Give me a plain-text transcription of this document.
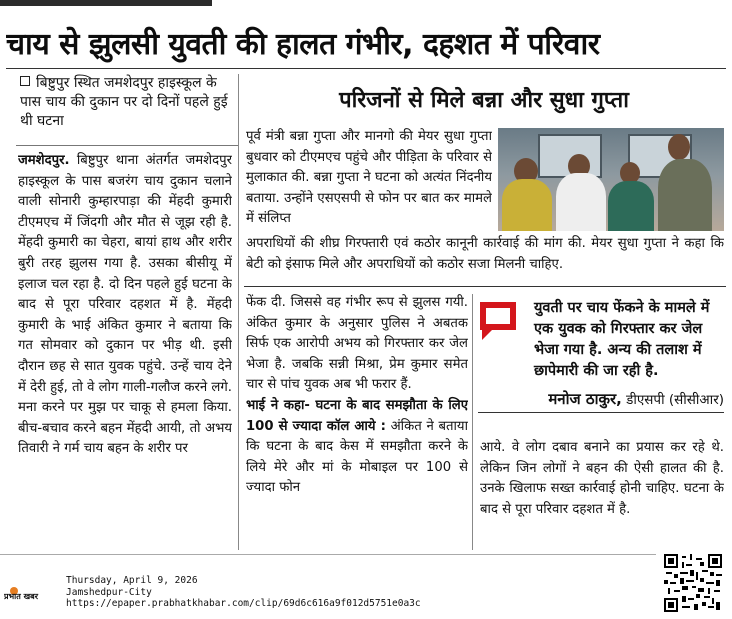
चाय से झुलसी युवती की हालत गंभीर, दहशत में परिवार
बिष्टुपुर स्थित जमशेदपुर हाइस्कूल के पास चाय की दुकान पर दो दिनों पहले हुई थी घटना
जमशेदपुर. बिष्टुपुर थाना अंतर्गत जमशेदपुर हाइस्कूल के पास बजरंग चाय दुकान चलाने वाली सोनारी कुम्हारपाड़ा की मेंहदी कुमारी टीएमएच में जिंदगी और मौत से जूझ रही है. मेंहदी कुमारी का चेहरा, बायां हाथ और शरीर बुरी तरह झुलस गया है. उसका बीसीयू में इलाज चल रहा है. दो दिन पहले हुई घटना के बाद से पूरा परिवार दहशत में है. मेंहदी कुमारी के भाई अंकित कुमार ने बताया कि गत सोमवार को दुकान पर भीड़ थी. इसी दौरान छह से सात युवक पहुंचे. उन्हें चाय देने में देरी हुई, तो वे लोग गाली-गलौज करने लगे. मना करने पर मुझ पर चाकू से हमला किया. बीच-बचाव करने बहन मेंहदी आयी, तो अभय तिवारी ने गर्म चाय बहन के शरीर पर
परिजनों से मिले बन्ना और सुधा गुप्ता
पूर्व मंत्री बन्ना गुप्ता और मानगो की मेयर सुधा गुप्ता बुधवार को टीएमएच पहुंचे और पीड़िता के परिवार से मुलाकात की. बन्ना गुप्ता ने घटना को अत्यंत निंदनीय बताया. उन्होंने एसएसपी से फोन पर बात कर मामले में संलिप्त
अपराधियों की शीघ्र गिरफ्तारी एवं कठोर कानूनी कार्रवाई की मांग की. मेयर सुधा गुप्ता ने कहा कि बेटी को इंसाफ मिले और अपराधियों को कठोर सजा मिलनी चाहिए.
फेंक दी. जिससे वह गंभीर रूप से झुलस गयी. अंकित कुमार के अनुसार पुलिस ने अबतक सिर्फ एक आरोपी अभय को गिरफ्तार कर जेल भेजा है. जबकि सन्नी मिश्रा, प्रेम कुमार समेत चार से पांच युवक अब भी फरार हैं.
भाई ने कहा- घटना के बाद समझौता के लिए 100 से ज्यादा कॉल आये : अंकित ने बताया कि घटना के बाद केस में समझौता करने के लिये मेरे और मां के मोबाइल पर 100 से ज्यादा फोन
युवती पर चाय फेंकने के मामले में एक युवक को गिरफ्तार कर जेल भेजा गया है. अन्य की तलाश में छापेमारी की जा रही है.
मनोज ठाकुर, डीएसपी (सीसीआर)
आये. वे लोग दबाव बनाने का प्रयास कर रहे थे. लेकिन जिन लोगों ने बहन की ऐसी हालत की है. उनके खिलाफ सख्त कार्रवाई होनी चाहिए. घटना के बाद से पूरा परिवार दहशत में है.
प्रभात खबर
Thursday, April 9, 2026
Jamshedpur-City
https://epaper.prabhatkhabar.com/clip/69d6c616a9f012d5751e0a3c
